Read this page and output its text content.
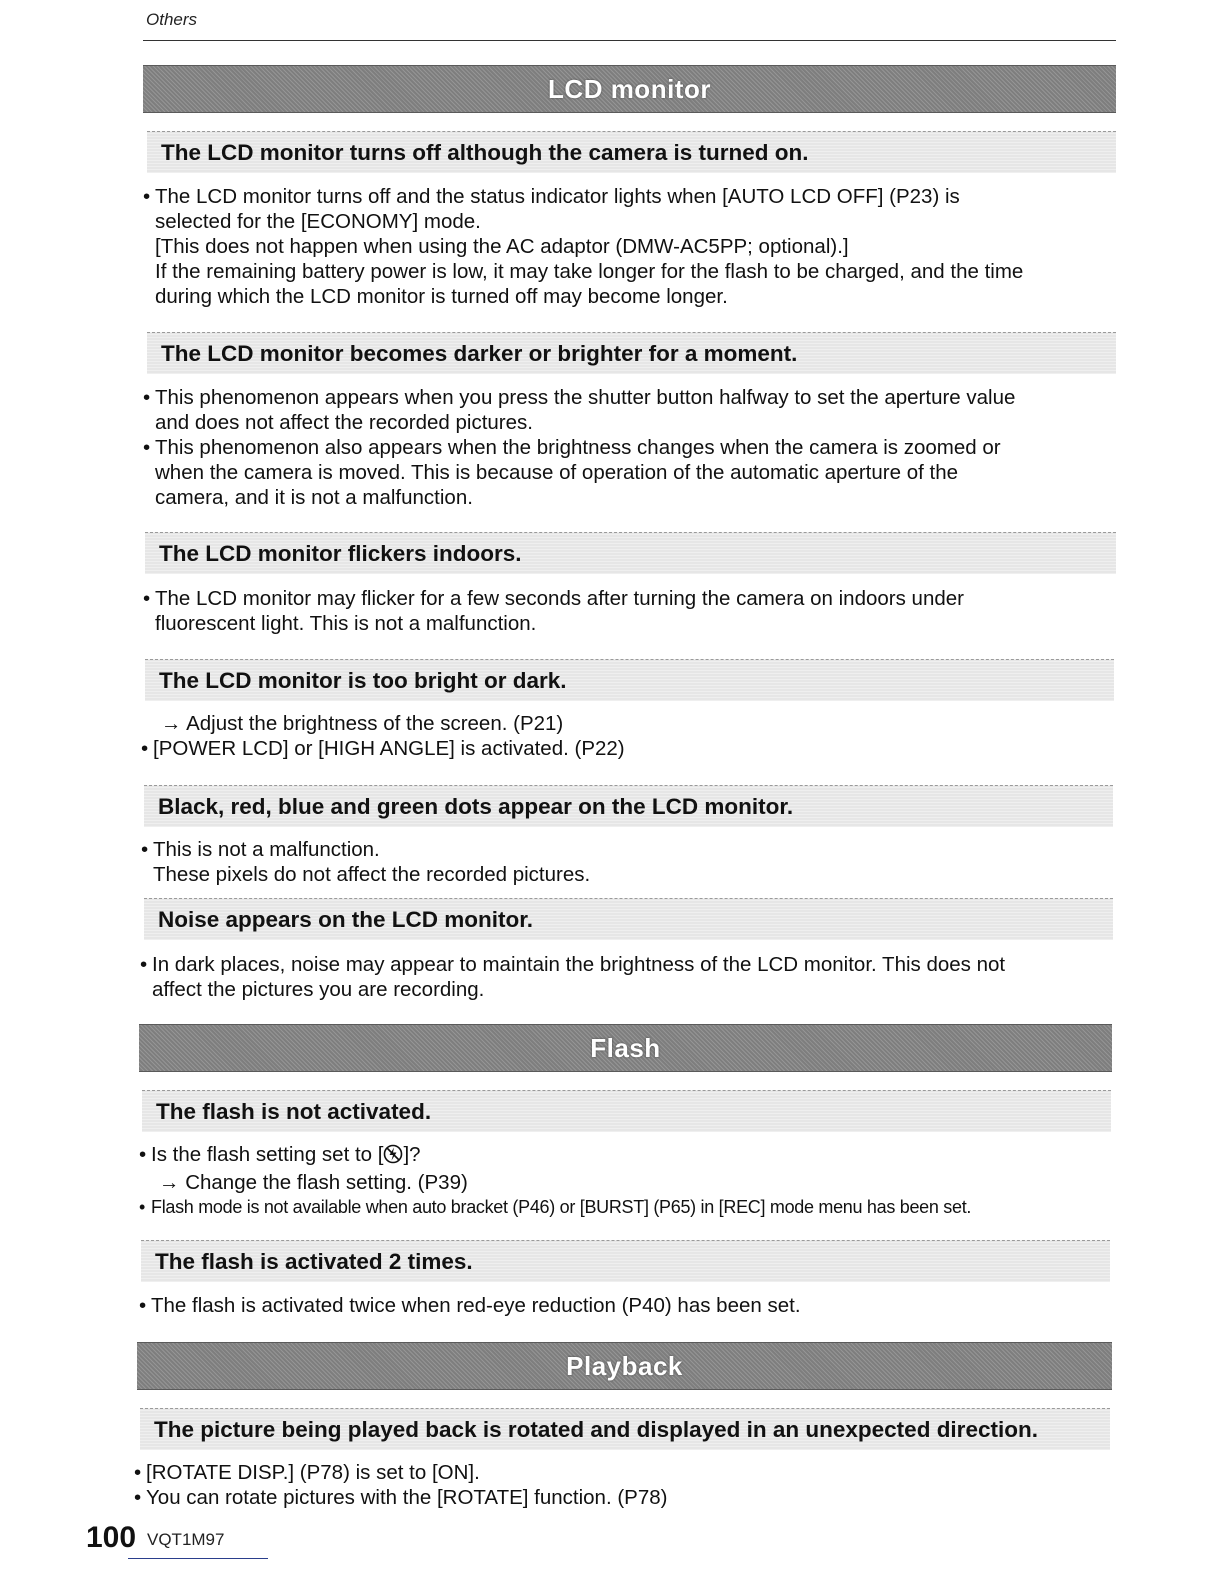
Others
LCD monitor
The LCD monitor turns off although the camera is turned on.
• The LCD monitor turns off and the status indicator lights when [AUTO LCD OFF] (P23) is
selected for the [ECONOMY] mode.
[This does not happen when using the AC adaptor (DMW-AC5PP; optional).]
If the remaining battery power is low, it may take longer for the flash to be charged, and the time
during which the LCD monitor is turned off may become longer.
The LCD monitor becomes darker or brighter for a moment.
• This phenomenon appears when you press the shutter button halfway to set the aperture value
and does not affect the recorded pictures.
• This phenomenon also appears when the brightness changes when the camera is zoomed or
when the camera is moved. This is because of operation of the automatic aperture of the
camera, and it is not a malfunction.
The LCD monitor flickers indoors.
• The LCD monitor may flicker for a few seconds after turning the camera on indoors under
fluorescent light. This is not a malfunction.
The LCD monitor is too bright or dark.
→ Adjust the brightness of the screen. (P21)
• [POWER LCD] or [HIGH ANGLE] is activated. (P22)
Black, red, blue and green dots appear on the LCD monitor.
• This is not a malfunction.
These pixels do not affect the recorded pictures.
Noise appears on the LCD monitor.
• In dark places, noise may appear to maintain the brightness of the LCD monitor. This does not
affect the pictures you are recording.
Flash
The flash is not activated.
• Is the flash setting set to [ ]?
→ Change the flash setting. (P39)
• Flash mode is not available when auto bracket (P46) or [BURST] (P65) in [REC] mode menu has been set.
The flash is activated 2 times.
• The flash is activated twice when red-eye reduction (P40) has been set.
Playback
The picture being played back is rotated and displayed in an unexpected direction.
• [ROTATE DISP.] (P78) is set to [ON].
• You can rotate pictures with the [ROTATE] function. (P78)
100 VQT1M97
